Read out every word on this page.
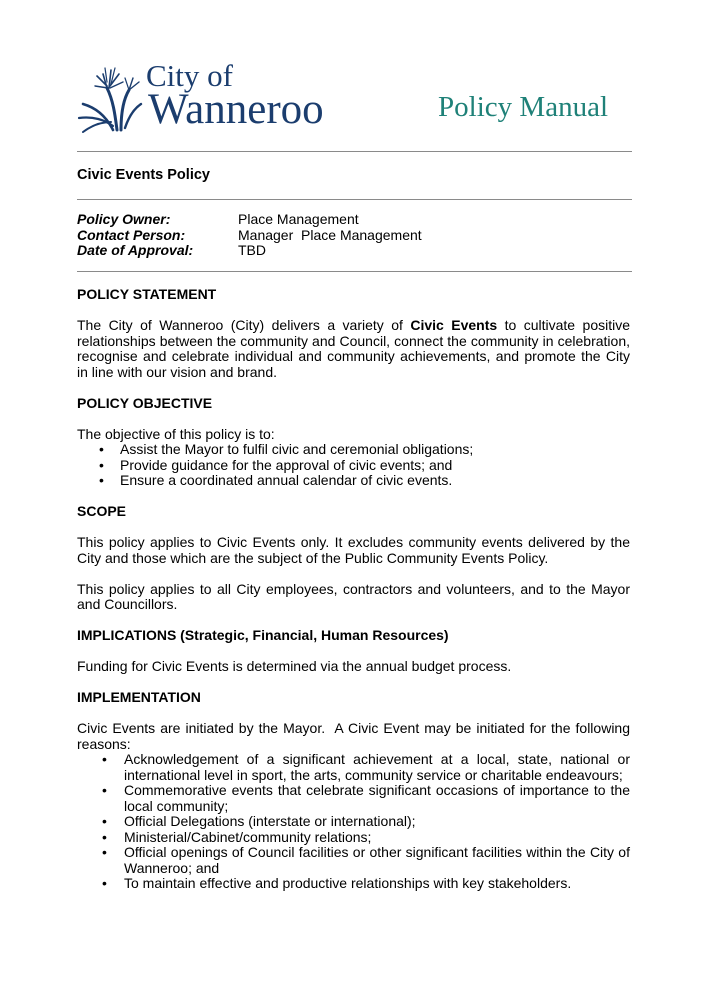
City of
Wanneroo	Policy Manual
Civic Events Policy
Policy Owner:	Place Management
Contact Person:	Manager  Place Management
Date of Approval:	TBD
POLICY STATEMENT
The City of Wanneroo (City) delivers a variety of Civic Events to cultivate positive relationships between the community and Council, connect the community in celebration, recognise and celebrate individual and community achievements, and promote the City in line with our vision and brand.
POLICY OBJECTIVE
The objective of this policy is to:
• Assist the Mayor to fulfil civic and ceremonial obligations;
• Provide guidance for the approval of civic events; and
• Ensure a coordinated annual calendar of civic events.
SCOPE
This policy applies to Civic Events only. It excludes community events delivered by the City and those which are the subject of the Public Community Events Policy.
This policy applies to all City employees, contractors and volunteers, and to the Mayor and Councillors.
IMPLICATIONS (Strategic, Financial, Human Resources)
Funding for Civic Events is determined via the annual budget process.
IMPLEMENTATION
Civic Events are initiated by the Mayor.  A Civic Event may be initiated for the following reasons:
• Acknowledgement of a significant achievement at a local, state, national or international level in sport, the arts, community service or charitable endeavours;
• Commemorative events that celebrate significant occasions of importance to the local community;
• Official Delegations (interstate or international);
• Ministerial/Cabinet/community relations;
• Official openings of Council facilities or other significant facilities within the City of Wanneroo; and
• To maintain effective and productive relationships with key stakeholders.
